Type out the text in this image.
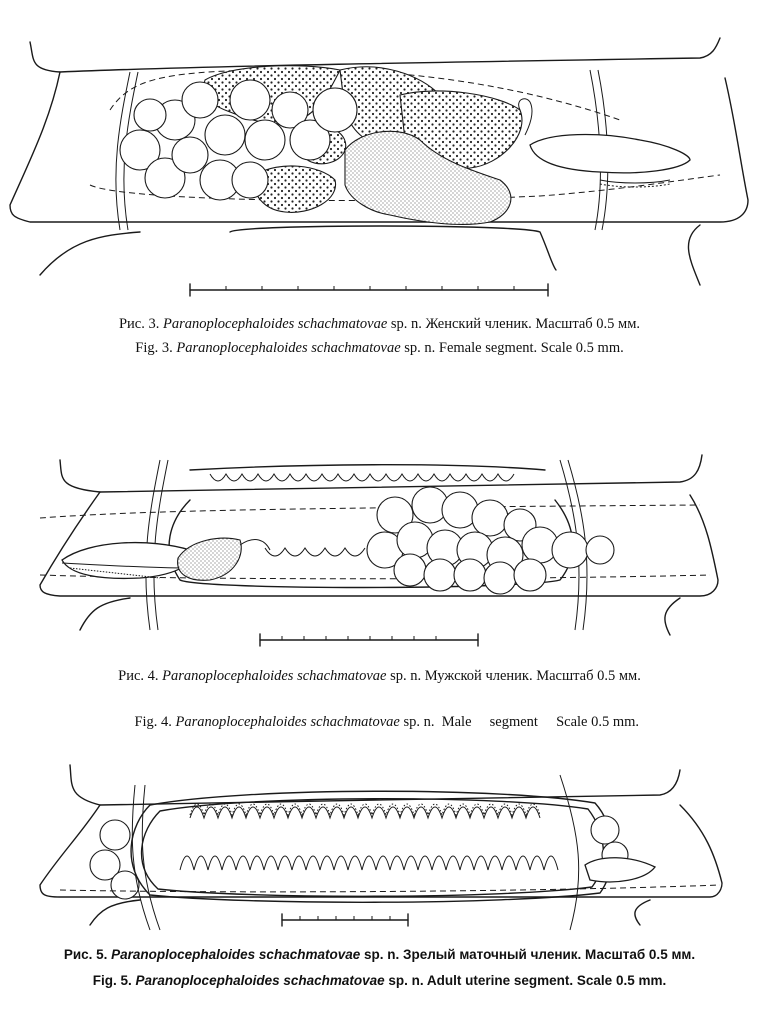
Рис. 3. Paranoplocephaloides schachmatovae sp. n. Женский членик. Масштаб 0.5 мм.
Fig. 3. Paranoplocephaloides schachmatovae sp. n. Female segment. Scale 0.5 mm.
Рис. 4. Paranoplocephaloides schachmatovae sp. n. Мужской членик. Масштаб 0.5 мм.

Fig. 4. Paranoplocephaloides schachmatovae sp. n.  Male     segment     Scale 0.5 mm.

Рис. 5. Paranoplocephaloides schachmatovae sp. n. Зрелый маточный членик. Масштаб 0.5 мм.
Fig. 5. Paranoplocephaloides schachmatovae sp. n. Adult uterine segment. Scale 0.5 mm.
